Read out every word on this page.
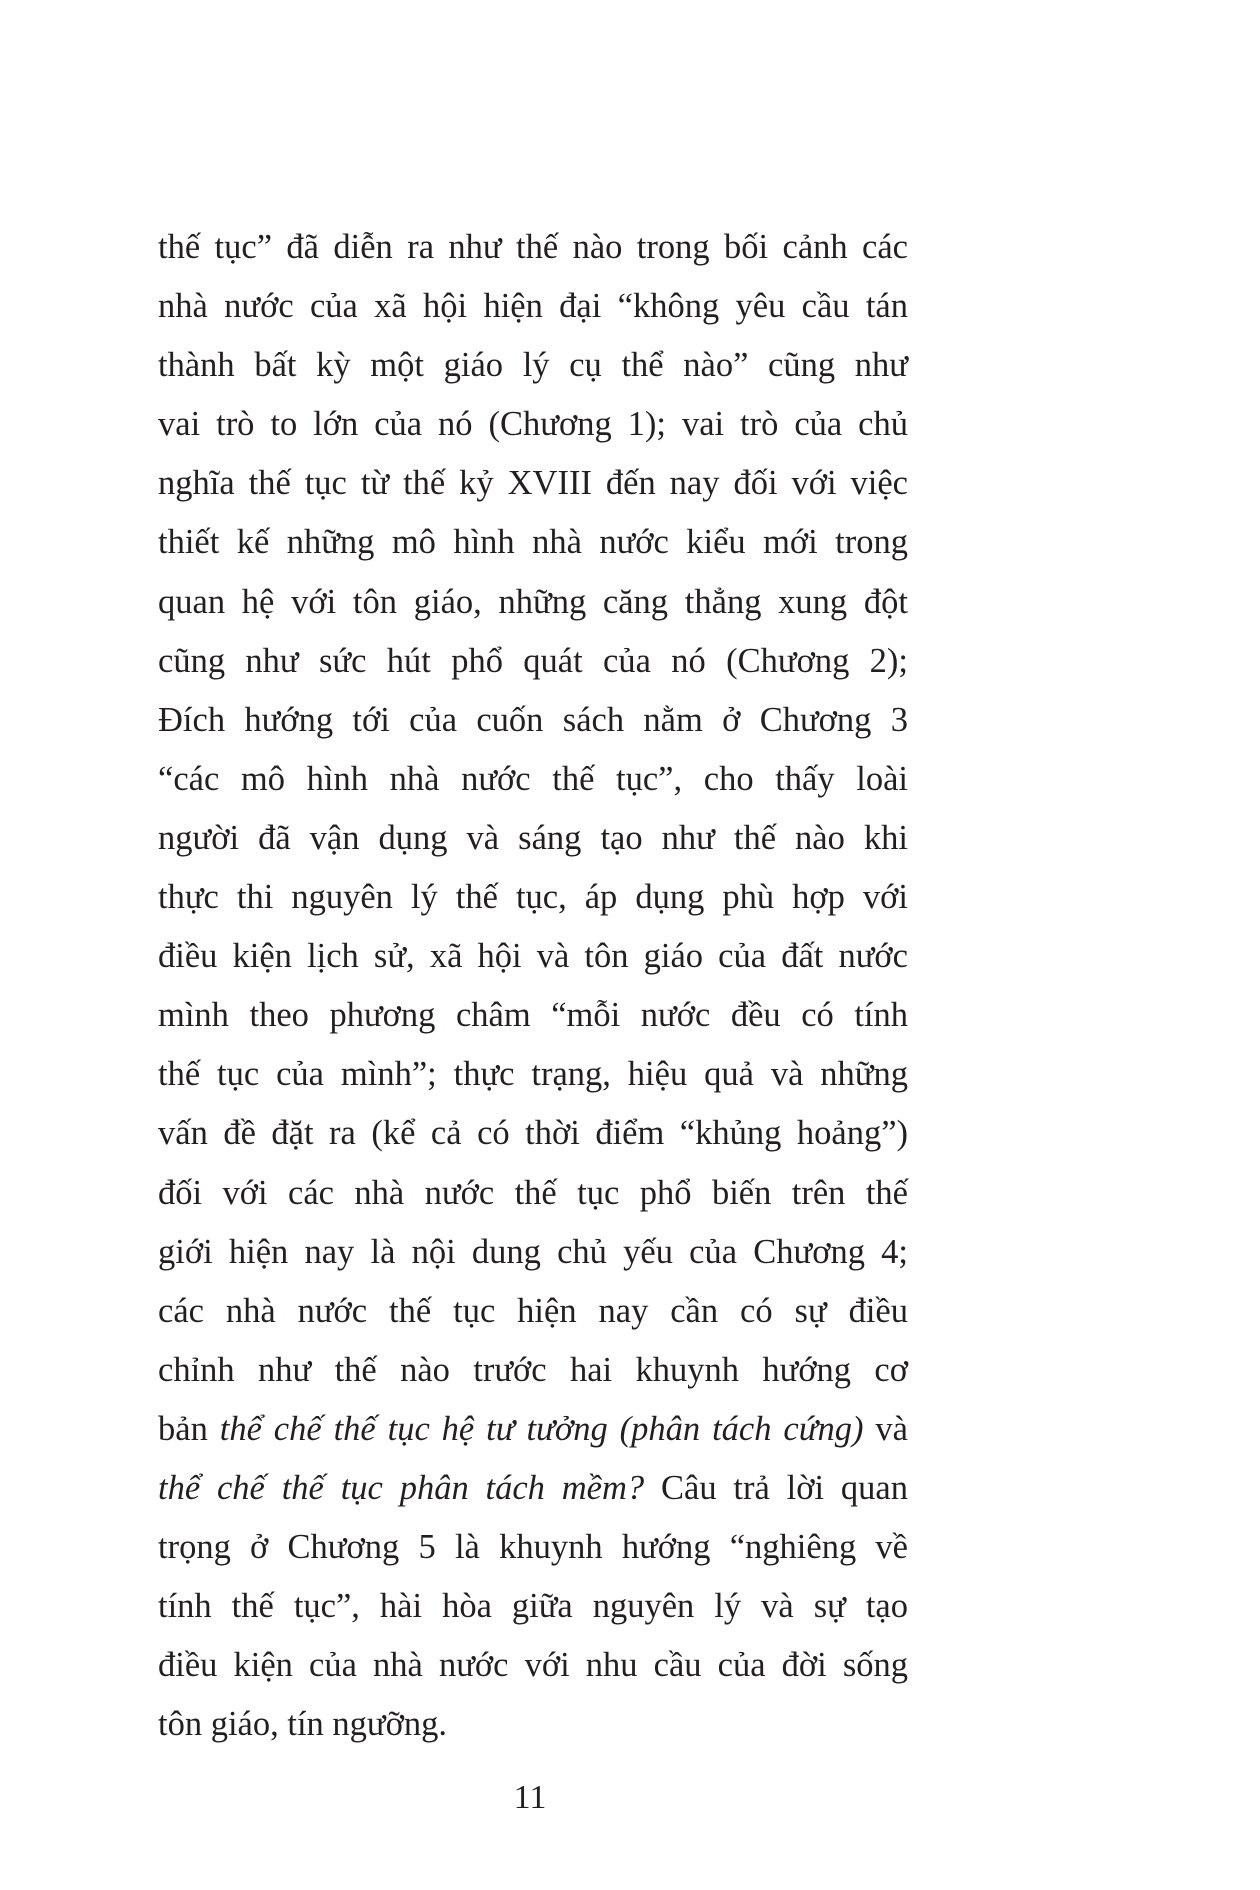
thế tục” đã diễn ra như thế nào trong bối cảnh các
nhà nước của xã hội hiện đại “không yêu cầu tán
thành bất kỳ một giáo lý cụ thể nào” cũng như
vai trò to lớn của nó (Chương 1); vai trò của chủ
nghĩa thế tục từ thế kỷ XVIII đến nay đối với việc
thiết kế những mô hình nhà nước kiểu mới trong
quan hệ với tôn giáo, những căng thẳng xung đột
cũng như sức hút phổ quát của nó (Chương 2);
Đích hướng tới của cuốn sách nằm ở Chương 3
“các mô hình nhà nước thế tục”, cho thấy loài
người đã vận dụng và sáng tạo như thế nào khi
thực thi nguyên lý thế tục, áp dụng phù hợp với
điều kiện lịch sử, xã hội và tôn giáo của đất nước
mình theo phương châm “mỗi nước đều có tính
thế tục của mình”; thực trạng, hiệu quả và những
vấn đề đặt ra (kể cả có thời điểm “khủng hoảng”)
đối với các nhà nước thế tục phổ biến trên thế
giới hiện nay là nội dung chủ yếu của Chương 4;
các nhà nước thế tục hiện nay cần có sự điều
chỉnh như thế nào trước hai khuynh hướng cơ
bản thể chế thế tục hệ tư tưởng (phân tách cứng) và
thể chế thế tục phân tách mềm? Câu trả lời quan
trọng ở Chương 5 là khuynh hướng “nghiêng về
tính thế tục”, hài hòa giữa nguyên lý và sự tạo
điều kiện của nhà nước với nhu cầu của đời sống
tôn giáo, tín ngưỡng.
11
